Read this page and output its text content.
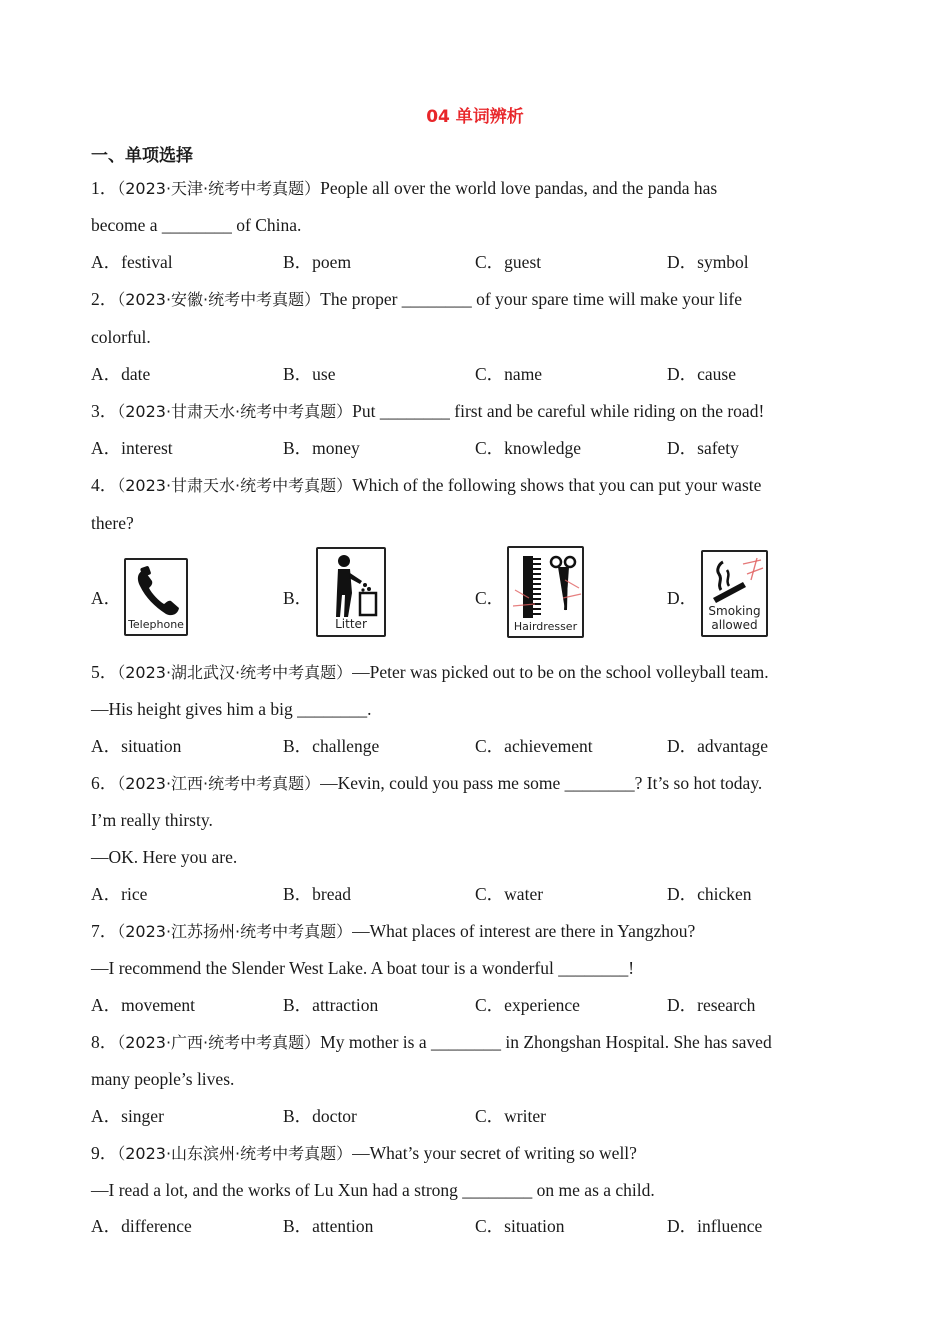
04 单词辨析
一、单项选择
1．（2023·天津·统考中考真题）People all over the world love pandas, and the panda has
become a ________ of China.
A．festival	B．poem	C．guest	D．symbol
2．（2023·安徽·统考中考真题）The proper ________ of your spare time will make your life
colorful.
A．date	B．use	C．name	D．cause
3．（2023·甘肃天水·统考中考真题）Put ________ first and be careful while riding on the road!
A．interest	B．money	C．knowledge	D．safety
4．（2023·甘肃天水·统考中考真题）Which of the following shows that you can put your waste
there?
A．	B．	C．	D．
Telephone	Litter	Hairdresser
Smoking
allowed
5．（2023·湖北武汉·统考中考真题）—Peter was picked out to be on the school volleyball team.
—His height gives him a big ________.
A．situation	B．challenge	C．achievement	D．advantage
6．（2023·江西·统考中考真题）—Kevin, could you pass me some ________? It’s so hot today.
I’m really thirsty.
—OK. Here you are.
A．rice	B．bread	C．water	D．chicken
7．（2023·江苏扬州·统考中考真题）—What places of interest are there in Yangzhou?
—I recommend the Slender West Lake. A boat tour is a wonderful ________!
A．movement	B．attraction	C．experience	D．research
8．（2023·广西·统考中考真题）My mother is a ________ in Zhongshan Hospital. She has saved
many people’s lives.
A．singer	B．doctor	C．writer
9．（2023·山东滨州·统考中考真题）—What’s your secret of writing so well?
—I read a lot, and the works of Lu Xun had a strong ________ on me as a child.
A．difference	B．attention	C．situation	D．influence
